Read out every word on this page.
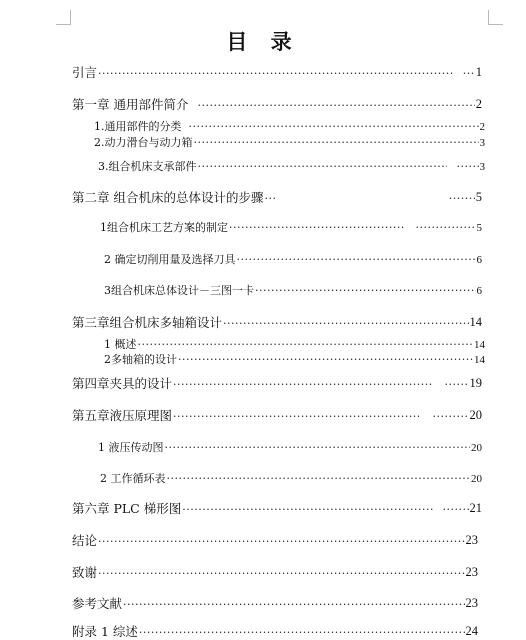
目 录
引言 ····· ·····	1
第一章 通用部件简介 ·····	2
1.通用部件的分类 ·····	2
2.动力滑台与动力箱 ·····	3
3.组合机床支承部件 ····· ·····	3
第二章 组合机床的总体设计的步骤 ····· ·····	5
1组合机床工艺方案的制定 ····· ·····	5
2 确定切削用量及选择刀具 ·····	6
3组合机床总体设计－三图一卡 ·····	6
第三章组合机床多轴箱设计 ·····	14
1 概述 ·····	14
2多轴箱的设计 ·····	14
第四章夹具的设计 ····· ·····	19
第五章液压原理图 ····· ·····	20
1 液压传动图 ·····	20
2 工作循环表 ·····	20
第六章 PLC 梯形图 ····· ·····	21
结论 ·····	23
致谢 ·····	23
参考文献 ·····	23
附录 1 综述 ·····	24
